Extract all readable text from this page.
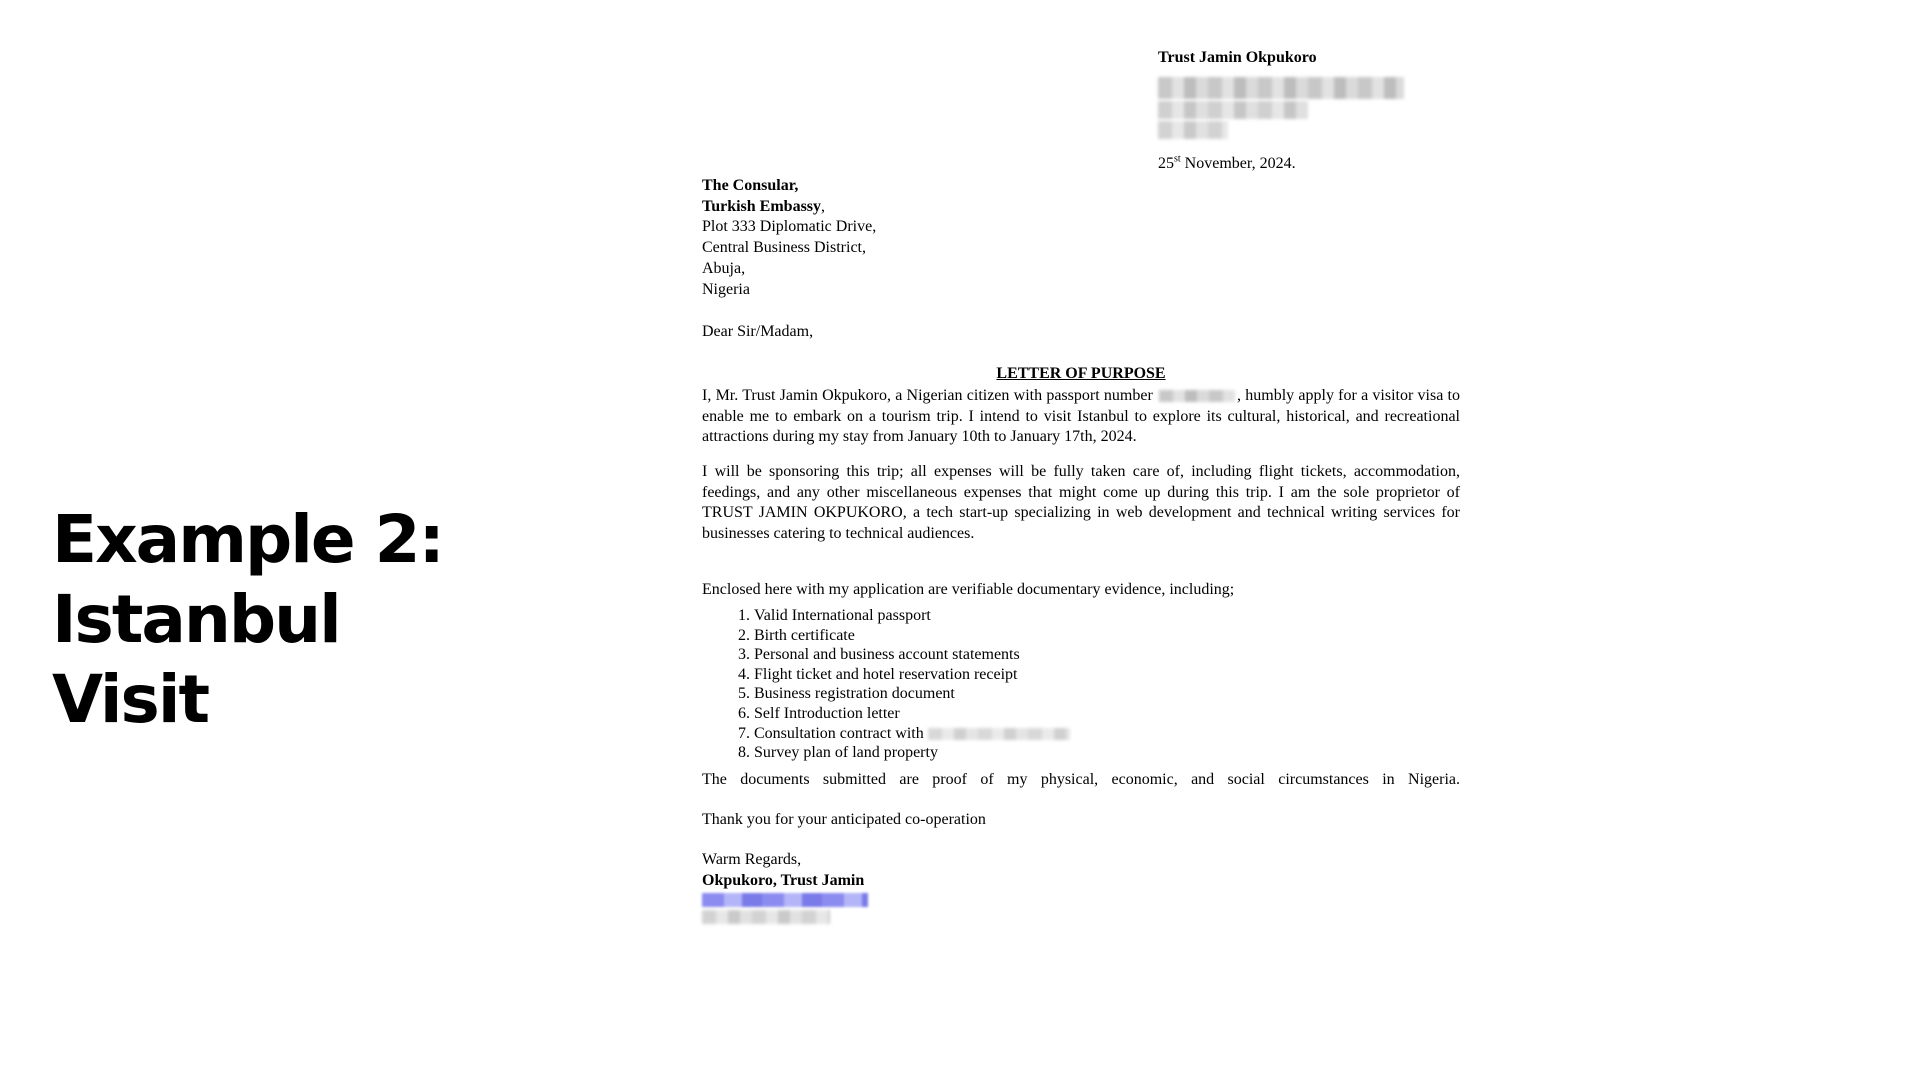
Example 2: Istanbul
Visit
Trust Jamin Okpukoro
25st November, 2024.
The Consular,
Turkish Embassy,
Plot 333 Diplomatic Drive,
Central Business District,
Abuja,
Nigeria
Dear Sir/Madam,
LETTER OF PURPOSE
I, Mr. Trust Jamin Okpukoro, a Nigerian citizen with passport number	, humbly apply for a visitor visa to enable me to embark on a tourism trip. I intend to visit Istanbul to explore its cultural, historical, and recreational attractions during my stay from January 10th to January 17th, 2024.
I will be sponsoring this trip; all expenses will be fully taken care of, including flight tickets, accommodation, feedings, and any other miscellaneous expenses that might come up during this trip. I am the sole proprietor of TRUST JAMIN OKPUKORO, a tech start-up specializing in web development and technical writing services for businesses catering to technical audiences.
Enclosed here with my application are verifiable documentary evidence, including;
1. Valid International passport
2. Birth certificate
3. Personal and business account statements
4. Flight ticket and hotel reservation receipt
5. Business registration document
6. Self Introduction letter
7. Consultation contract with
8. Survey plan of land property
The documents submitted are proof of my physical, economic, and social circumstances in Nigeria.
Thank you for your anticipated co-operation
Warm Regards,
Okpukoro, Trust Jamin
